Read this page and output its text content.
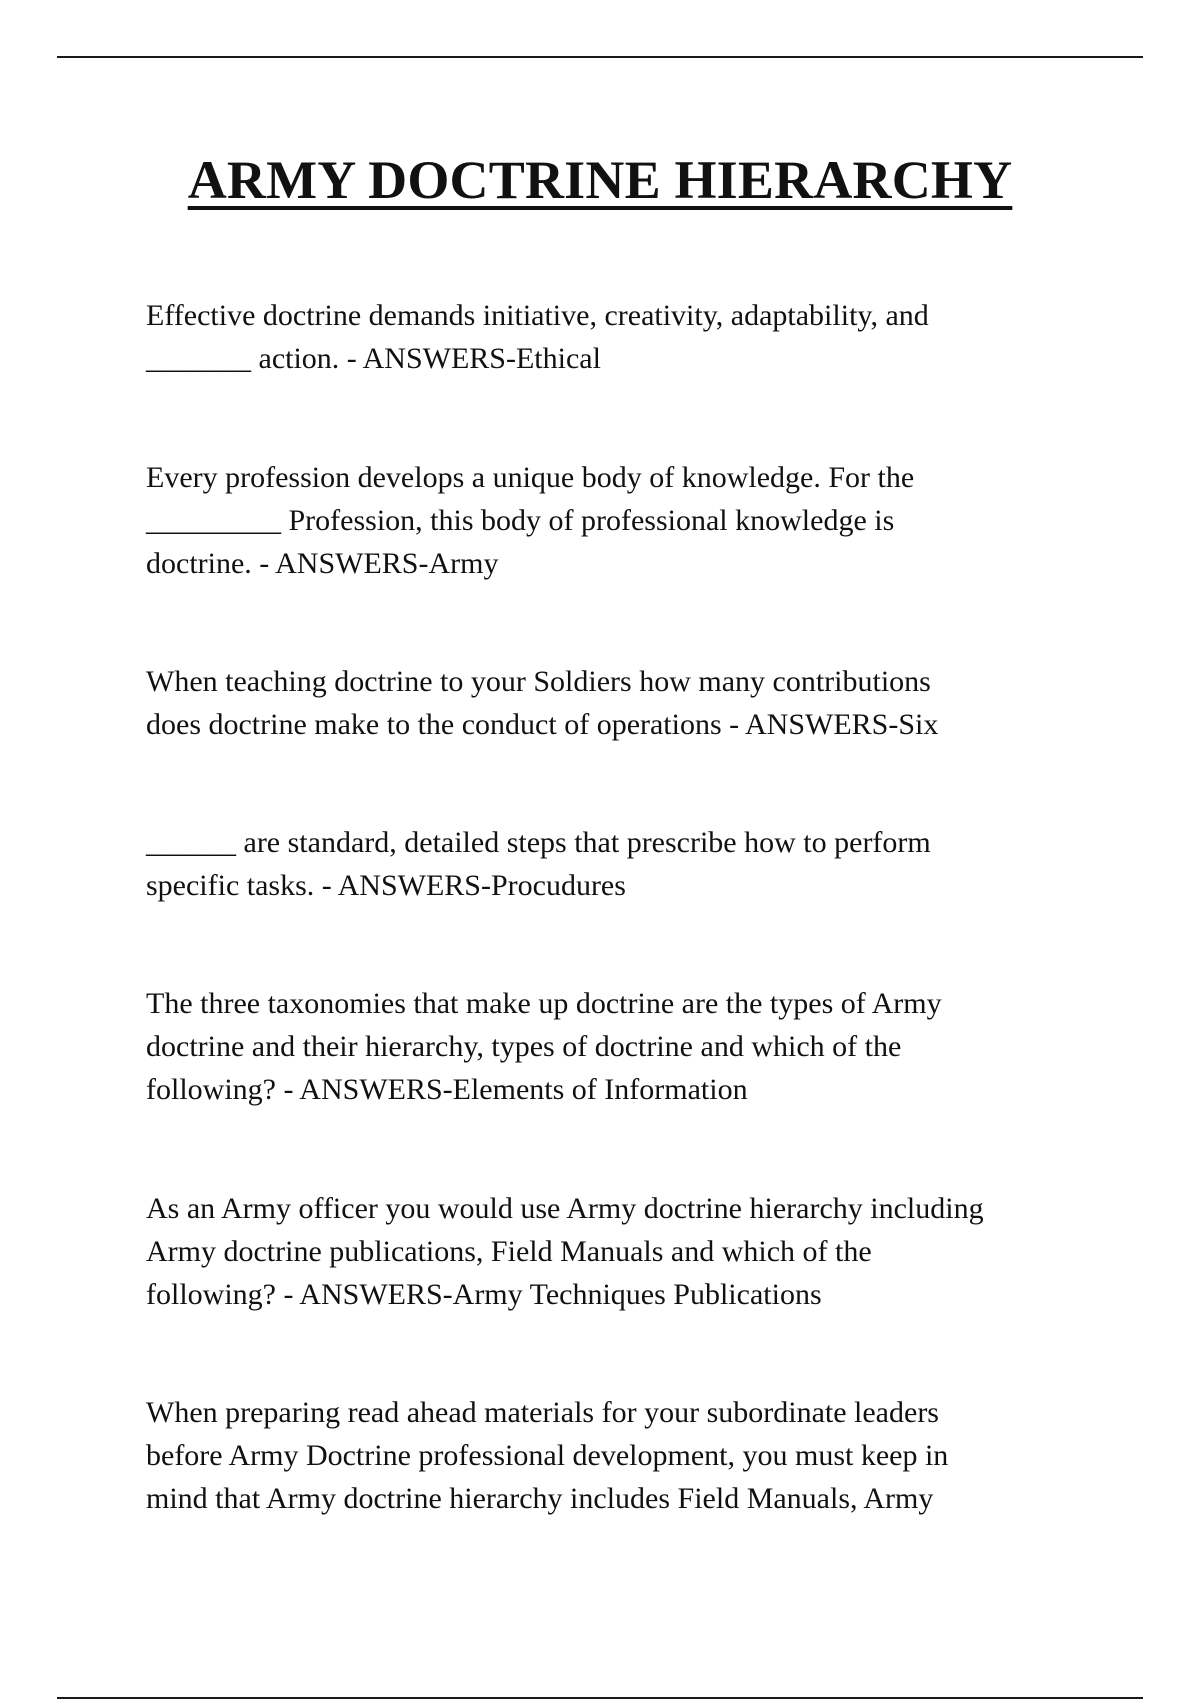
ARMY DOCTRINE HIERARCHY

Effective doctrine demands initiative, creativity, adaptability, and
_______ action. - ANSWERS-Ethical

Every profession develops a unique body of knowledge. For the
_________ Profession, this body of professional knowledge is
doctrine. - ANSWERS-Army

When teaching doctrine to your Soldiers how many contributions
does doctrine make to the conduct of operations - ANSWERS-Six

______ are standard, detailed steps that prescribe how to perform
specific tasks. - ANSWERS-Procudures

The three taxonomies that make up doctrine are the types of Army
doctrine and their hierarchy, types of doctrine and which of the
following? - ANSWERS-Elements of Information

As an Army officer you would use Army doctrine hierarchy including
Army doctrine publications, Field Manuals and which of the
following? - ANSWERS-Army Techniques Publications

When preparing read ahead materials for your subordinate leaders
before Army Doctrine professional development, you must keep in
mind that Army doctrine hierarchy includes Field Manuals, Army
